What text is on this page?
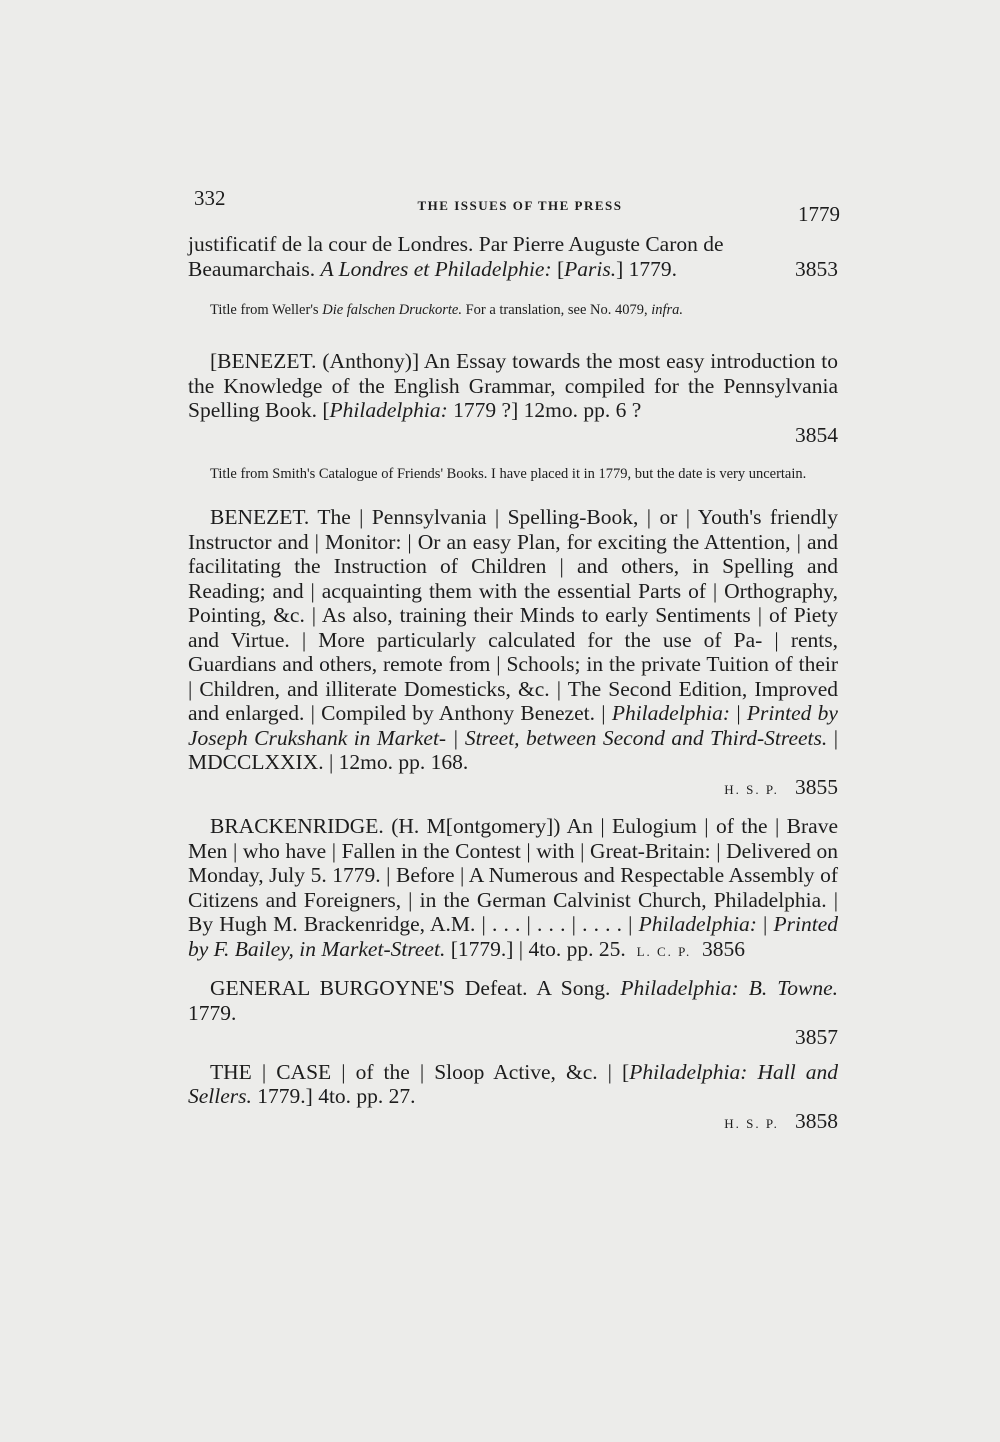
332	THE ISSUES OF THE PRESS	1779
justificatif de la cour de Londres. Par Pierre Auguste Caron de
3853
Beaumarchais. A Londres et Philadelphie: [Paris.] 1779.

Title from Weller's Die falschen Druckorte. For a translation, see No. 4079, infra.

[BENEZET. (Anthony)] An Essay towards the most easy introduction to the Knowledge of the English Grammar, compiled for the Pennsylvania Spelling Book. [Philadelphia: 1779 ?] 12mo. pp. 6 ?

3854

Title from Smith's Catalogue of Friends' Books. I have placed it in 1779, but the date is very uncertain.

BENEZET. The | Pennsylvania | Spelling-Book, | or | Youth's friendly Instructor and | Monitor: | Or an easy Plan, for exciting the Attention, | and facilitating the Instruction of Children | and others, in Spelling and Reading; and | acquainting them with the essential Parts of | Orthography, Pointing, &c. | As also, training their Minds to early Sentiments | of Piety and Virtue. | More particularly calculated for the use of Pa- | rents, Guardians and others, remote from | Schools; in the private Tuition of their | Children, and illiterate Domesticks, &c. | The Second Edition, Improved and enlarged. | Compiled by Anthony Benezet. | Philadelphia: | Printed by Joseph Crukshank in Market- | Street, between Second and Third-Streets. | MDCCLXXIX. | 12mo. pp. 168.

H. S. P. 3855

BRACKENRIDGE. (H. M[ontgomery]) An | Eulogium | of the | Brave Men | who have | Fallen in the Contest | with | Great-Britain: | Delivered on Monday, July 5. 1779. | Before | A Numerous and Respectable Assembly of Citizens and Foreigners, | in the German Calvinist Church, Philadelphia. | By Hugh M. Brackenridge, A.M. | . . . | . . . | . . . . | Philadelphia: | Printed by F. Bailey, in Market-Street. [1779.] | 4to. pp. 25. L. C. P. 3856

GENERAL BURGOYNE'S Defeat. A Song. Philadelphia: B. Towne. 1779.

3857

THE | CASE | of the | Sloop Active, &c. | [Philadelphia: Hall and Sellers. 1779.] 4to. pp. 27.

H. S. P. 3858
